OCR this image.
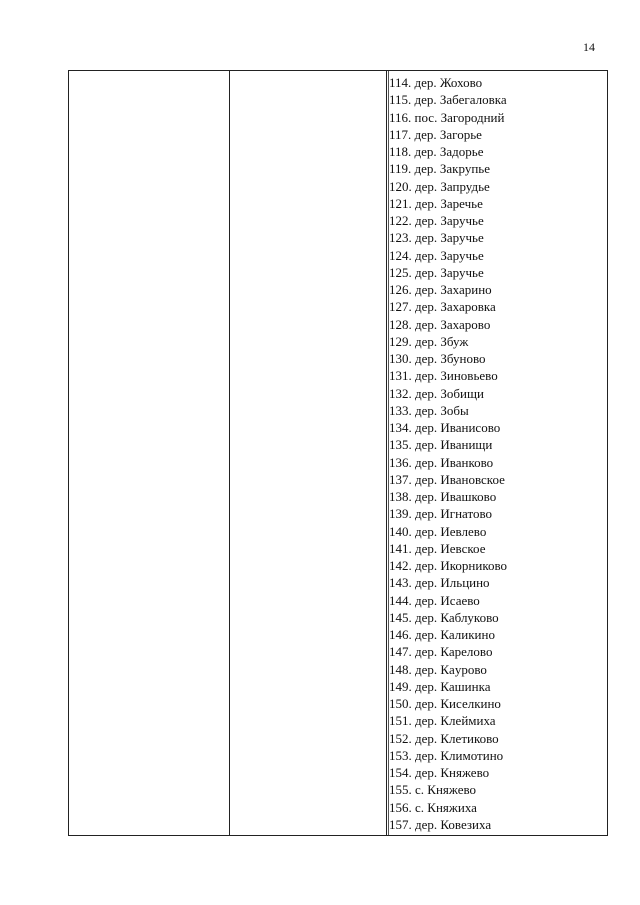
14
114. дер. Жохово
115. дер. Забегаловка
116. пос. Загородний
117. дер. Загорье
118. дер. Задорье
119. дер. Закрупье
120. дер. Запрудье
121. дер. Заречье
122. дер. Заручье
123. дер. Заручье
124. дер. Заручье
125. дер. Заручье
126. дер. Захарино
127. дер. Захаровка
128. дер. Захарово
129. дер. Збуж
130. дер. Збуново
131. дер. Зиновьево
132. дер. Зобищи
133. дер. Зобы
134. дер. Иванисово
135. дер. Иванищи
136. дер. Иванково
137. дер. Ивановское
138. дер. Ивашково
139. дер. Игнатово
140. дер. Иевлево
141. дер. Иевское
142. дер. Икорниково
143. дер. Ильцино
144. дер. Исаево
145. дер. Каблуково
146. дер. Каликино
147. дер. Карелово
148. дер. Кaурово
149. дер. Кашинка
150. дер. Киселкино
151. дер. Клеймиха
152. дер. Клетиково
153. дер. Климотино
154. дер. Княжево
155. с. Княжево
156. с. Княжиха
157. дер. Ковезиха
